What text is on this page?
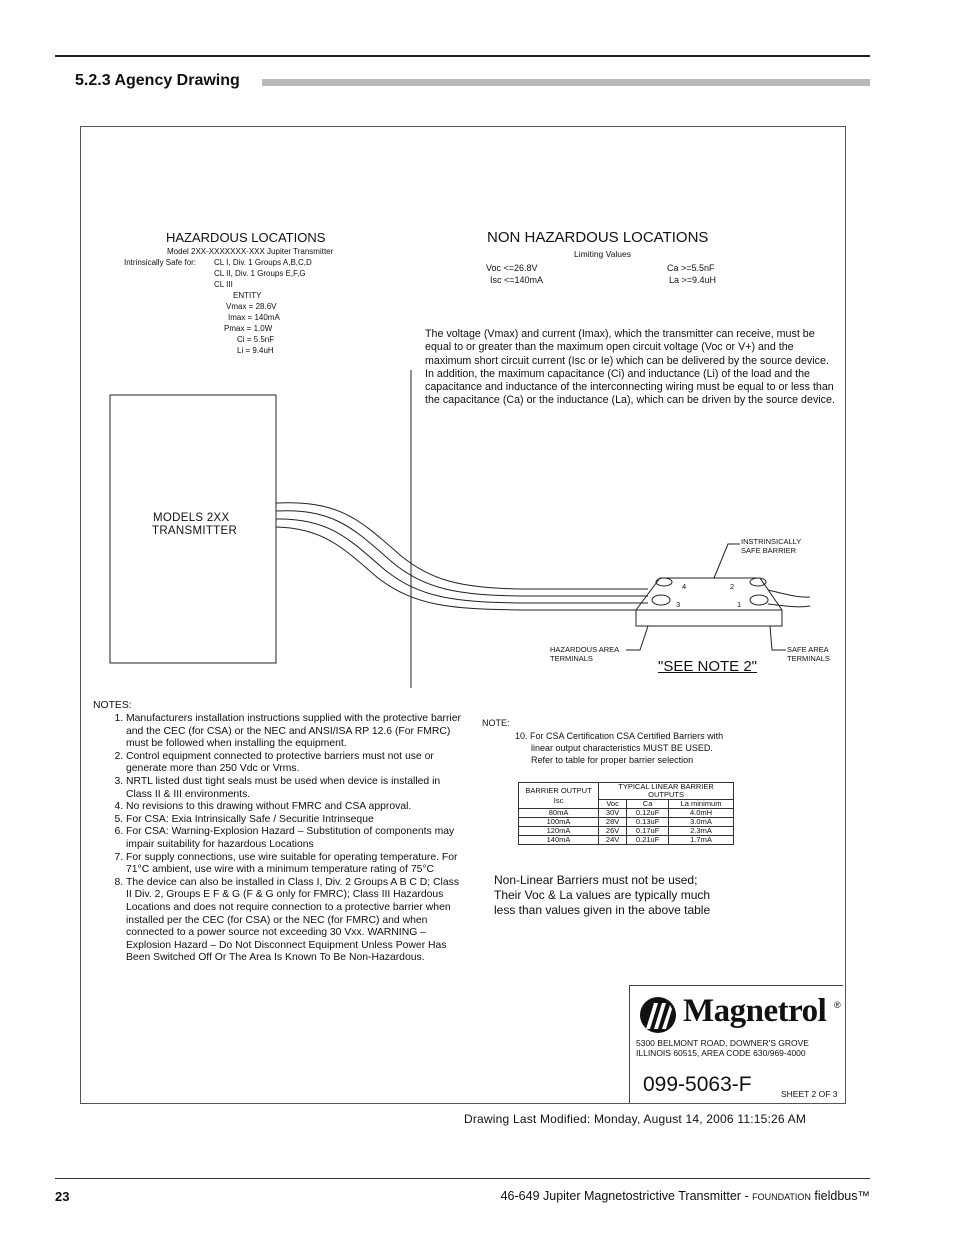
5.2.3 Agency Drawing
HAZARDOUS LOCATIONS
Model 2XX-XXXXXXX-XXX Jupiter Transmitter
Intrinsically Safe for: CL I, Div. 1 Groups A,B,C,D
CL II, Div. 1 Groups E,F,G
CL III
ENTITY
Vmax = 28.6V
Imax = 140mA
Pmax = 1.0W
Ci = 5.5nF
Li = 9.4uH
NON HAZARDOUS LOCATIONS
Limiting Values
Voc <=26.8V
Isc <=140mA
Ca >=5.5nF
La >=9.4uH
The voltage (Vmax) and current (Imax), which the transmitter can receive, must be equal to or greater than the maximum open circuit voltage (Voc or V+) and the maximum short circuit current (Isc or Ie) which can be delivered by the source device. In addition, the maximum capacitance (Ci) and inductance (Li) of the load and the capacitance and inductance of the interconnecting wiring must be equal to or less than the capacitance (Ca) or the inductance (La), which can be driven by the source device.
MODELS 2XX
TRANSMITTER
INSTRINSICALLY
SAFE BARRIER
4	2
3	1
HAZARDOUS AREA
TERMINALS
SAFE AREA
TERMINALS
"SEE NOTE 2"
NOTES:
1. Manufacturers installation instructions supplied with the protective barrier and the CEC (for CSA) or the NEC and ANSI/ISA RP 12.6 (For FMRC) must be followed when installing the equipment.
2. Control equipment connected to protective barriers must not use or generate more than 250 Vdc or Vrms.
3. NRTL listed dust tight seals must be used when device is installed in Class II & III environments.
4. No revisions to this drawing without FMRC and CSA approval.
5. For CSA: Exia Intrinsically Safe / Securitie Intrinseque
6. For CSA: Warning-Explosion Hazard – Substitution of components may impair suitability for hazardous Locations
7. For supply connections, use wire suitable for operating temperature. For 71°C ambient, use wire with a minimum temperature rating of 75°C
8. The device can also be installed in Class I, Div. 2 Groups A B C D; Class II Div. 2, Groups E F & G (F & G only for FMRC); Class III Hazardous Locations and does not require connection to a protective barrier when installed per the CEC (for CSA) or the NEC (for FMRC) and when connected to a power source not exceeding 30 Vxx. WARNING – Explosion Hazard – Do Not Disconnect Equipment Unless Power Has Been Switched Off Or The Area Is Known To Be Non-Hazardous.
NOTE:
10. For CSA Certification CSA Certified Barriers with
linear output characteristics MUST BE USED.
Refer to table for proper barrier selection
BARRIER OUTPUT Isc	TYPICAL LINEAR BARRIER OUTPUTS		
	Voc	Ca	La minimum
80mA	30V	0.12uF	4.0mH
100mA	28V	0.13uF	3.0mA
120mA	26V	0.17uF	2.3mA
140mA	24V	0.21uF	1.7mA
Non-Linear Barriers must not be used;
Their Voc & La values are typically much
less than values given in the above table
Magnetrol ®
5300 BELMONT ROAD, DOWNER'S GROVE
ILLINOIS 60515, AREA CODE 630/969-4000
099-5063-F	SHEET 2 OF 3
Drawing Last Modified: Monday, August 14, 2006 11:15:26 AM
23	46-649 Jupiter Magnetostrictive Transmitter - foundation fieldbus™
